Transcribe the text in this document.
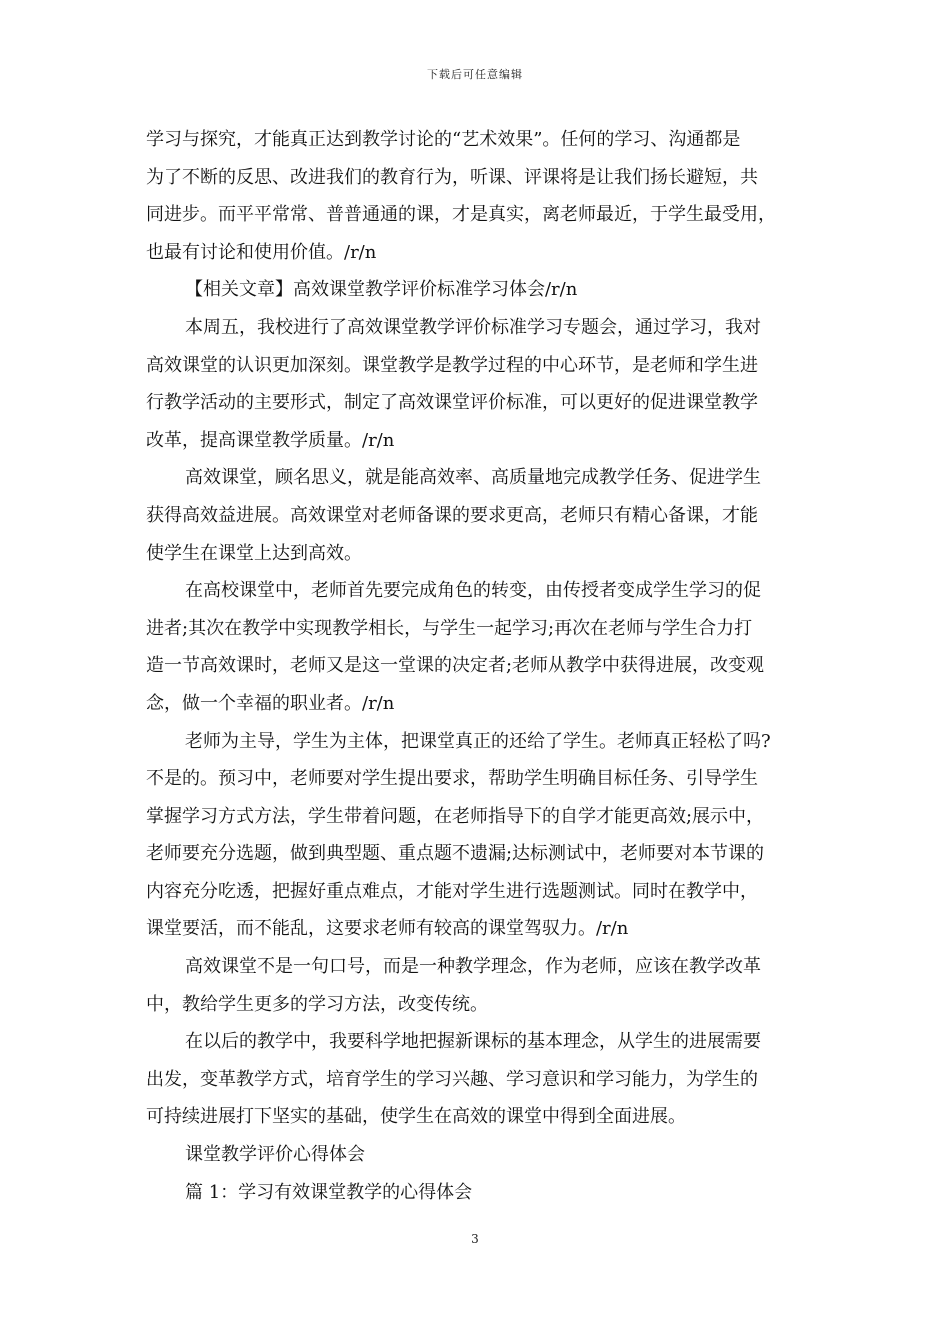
下载后可任意编辑
学习与探究，才能真正达到教学讨论的“艺术效果”。任何的学习、沟通都是
为了不断的反思、改进我们的教育行为，听课、评课将是让我们扬长避短，共
同进步。而平平常常、普普通通的课，才是真实，离老师最近，于学生最受用，
也最有讨论和使用价值。/r/n
【相关文章】高效课堂教学评价标准学习体会/r/n
本周五，我校进行了高效课堂教学评价标准学习专题会，通过学习，我对
高效课堂的认识更加深刻。课堂教学是教学过程的中心环节，是老师和学生进
行教学活动的主要形式，制定了高效课堂评价标准，可以更好的促进课堂教学
改革，提高课堂教学质量。/r/n
高效课堂，顾名思义，就是能高效率、高质量地完成教学任务、促进学生
获得高效益进展。高效课堂对老师备课的要求更高，老师只有精心备课，才能
使学生在课堂上达到高效。
在高校课堂中，老师首先要完成角色的转变，由传授者变成学生学习的促
进者;其次在教学中实现教学相长，与学生一起学习;再次在老师与学生合力打
造一节高效课时，老师又是这一堂课的决定者;老师从教学中获得进展，改变观
念，做一个幸福的职业者。/r/n
老师为主导，学生为主体，把课堂真正的还给了学生。老师真正轻松了吗?
不是的。预习中，老师要对学生提出要求，帮助学生明确目标任务、引导学生
掌握学习方式方法，学生带着问题，在老师指导下的自学才能更高效;展示中，
老师要充分选题，做到典型题、重点题不遗漏;达标测试中，老师要对本节课的
内容充分吃透，把握好重点难点，才能对学生进行选题测试。同时在教学中，
课堂要活，而不能乱，这要求老师有较高的课堂驾驭力。/r/n
高效课堂不是一句口号，而是一种教学理念，作为老师，应该在教学改革
中，教给学生更多的学习方法，改变传统。
在以后的教学中，我要科学地把握新课标的基本理念，从学生的进展需要
出发，变革教学方式，培育学生的学习兴趣、学习意识和学习能力，为学生的
可持续进展打下坚实的基础，使学生在高效的课堂中得到全面进展。
课堂教学评价心得体会
篇 1：学习有效课堂教学的心得体会
3
